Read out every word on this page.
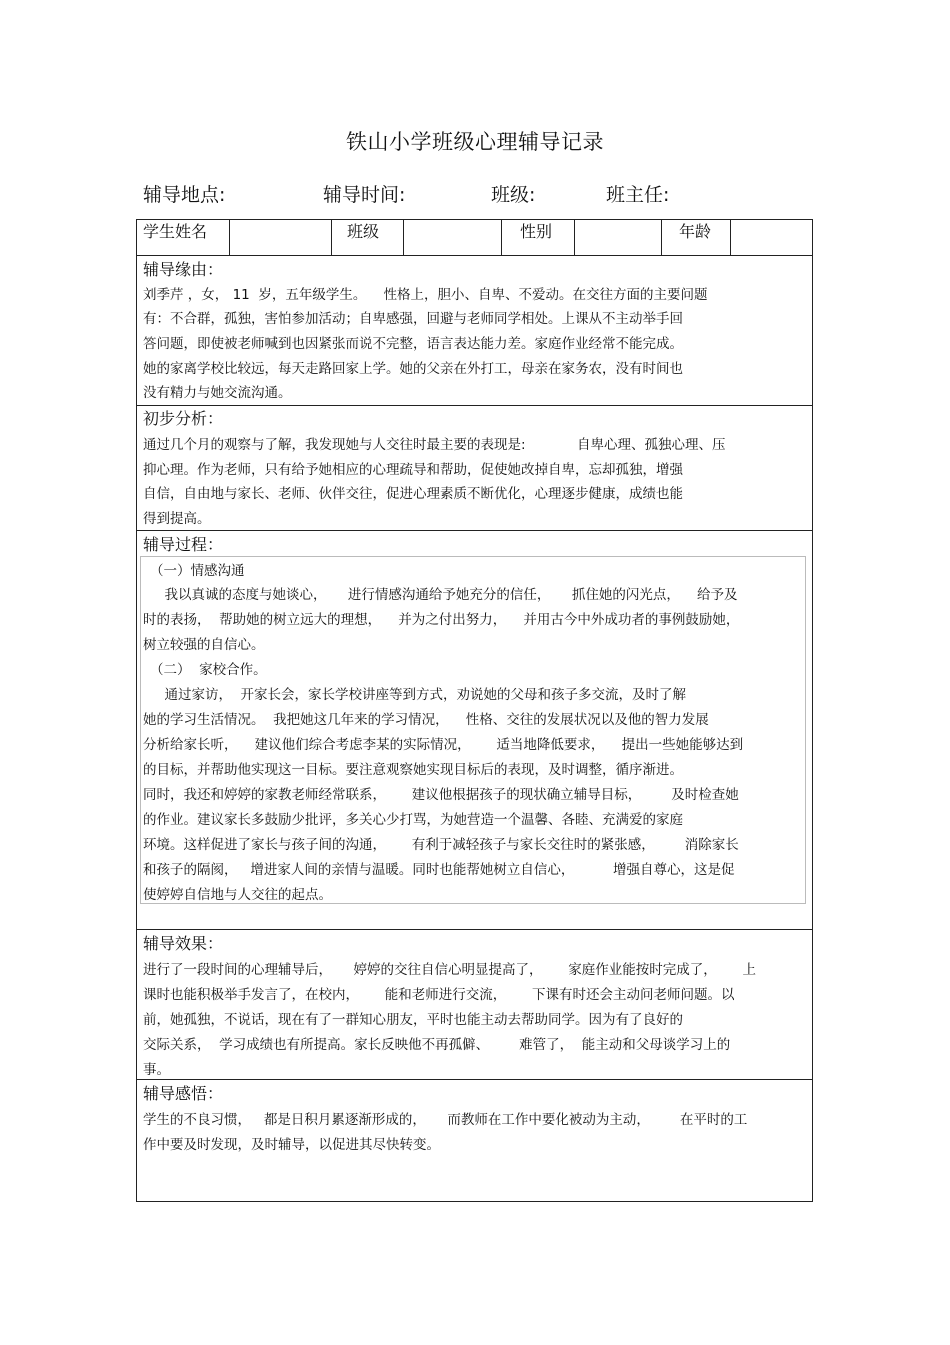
铁山小学班级心理辅导记录
辅导地点:	辅导时间:	班级:	班主任:
学生姓名	班级	性别	年龄
辅导缘由：
刘季芹 ，女， 11  岁，五年级学生。    性格上，胆小、自卑、不爱动。在交往方面的主要问题
有：不合群，孤独，害怕参加活动；自卑感强，回避与老师同学相处。上课从不主动举手回
答问题，即使被老师喊到也因紧张而说不完整，语言表达能力差。家庭作业经常不能完成。
她的家离学校比较远，每天走路回家上学。她的父亲在外打工，母亲在家务农，没有时间也
没有精力与她交流沟通。
初步分析：
通过几个月的观察与了解，我发现她与人交往时最主要的表现是:            自卑心理、孤独心理、压
抑心理。作为老师，只有给予她相应的心理疏导和帮助，促使她改掉自卑，忘却孤独，增强
自信，自由地与家长、老师、伙伴交往，促进心理素质不断优化，心理逐步健康，成绩也能
得到提高。
辅导过程：
（一）情感沟通
我以真诚的态度与她谈心，     进行情感沟通给予她充分的信任，     抓住她的闪光点，    给予及
时的表扬，  帮助她的树立远大的理想，    并为之付出努力，    并用古今中外成功者的事例鼓励她，
树立较强的自信心。
（二）  家校合作。
通过家访，  开家长会，家长学校讲座等到方式，劝说她的父母和孩子多交流，及时了解
她的学习生活情况。  我把她这几年来的学习情况，    性格、交往的发展状况以及他的智力发展
分析给家长听，    建议他们综合考虑李某的实际情况，      适当地降低要求，    提出一些她能够达到
的目标，并帮助他实现这一目标。要注意观察她实现目标后的表现，及时调整，循序渐进。
同时，我还和婷婷的家教老师经常联系，      建议他根据孩子的现状确立辅导目标，       及时检查她
的作业。建议家长多鼓励少批评，多关心少打骂，为她营造一个温馨、各睦、充满爱的家庭
环境。这样促进了家长与孩子间的沟通，      有利于减轻孩子与家长交往时的紧张感，       消除家长
和孩子的隔阂，   增进家人间的亲情与温暖。同时也能帮她树立自信心，         增强自尊心，这是促
使婷婷自信地与人交往的起点。
辅导效果：
进行了一段时间的心理辅导后，     婷婷的交往自信心明显提高了，      家庭作业能按时完成了，      上
课时也能积极举手发言了，在校内，      能和老师进行交流，      下课有时还会主动问老师问题。以
前，她孤独，不说话，现在有了一群知心朋友，平时也能主动去帮助同学。因为有了良好的
交际关系，  学习成绩也有所提高。家长反映他不再孤僻、       难管了，  能主动和父母谈学习上的
事。
辅导感悟：
学生的不良习惯，   都是日积月累逐渐形成的，     而教师在工作中要化被动为主动，       在平时的工
作中要及时发现，及时辅导，以促进其尽快转变。
